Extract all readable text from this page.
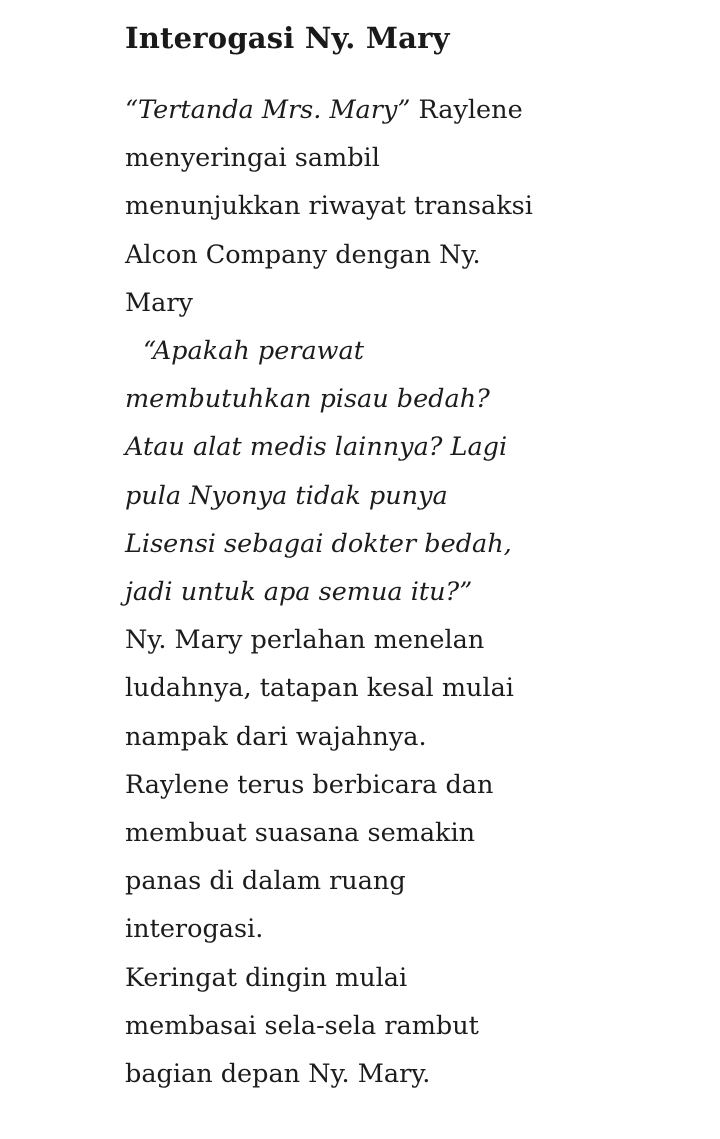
Interogasi Ny. Mary
“Tertanda Mrs. Mary” Raylene
menyeringai sambil
menunjukkan riwayat transaksi
Alcon Company dengan Ny.
Mary
“Apakah perawat
membutuhkan pisau bedah?
Atau alat medis lainnya? Lagi
pula Nyonya tidak punya
Lisensi sebagai dokter bedah,
jadi untuk apa semua itu?”
Ny. Mary perlahan menelan
ludahnya, tatapan kesal mulai
nampak dari wajahnya.
Raylene terus berbicara dan
membuat suasana semakin
panas di dalam ruang
interogasi.
Keringat dingin mulai
membasai sela-sela rambut
bagian depan Ny. Mary.
